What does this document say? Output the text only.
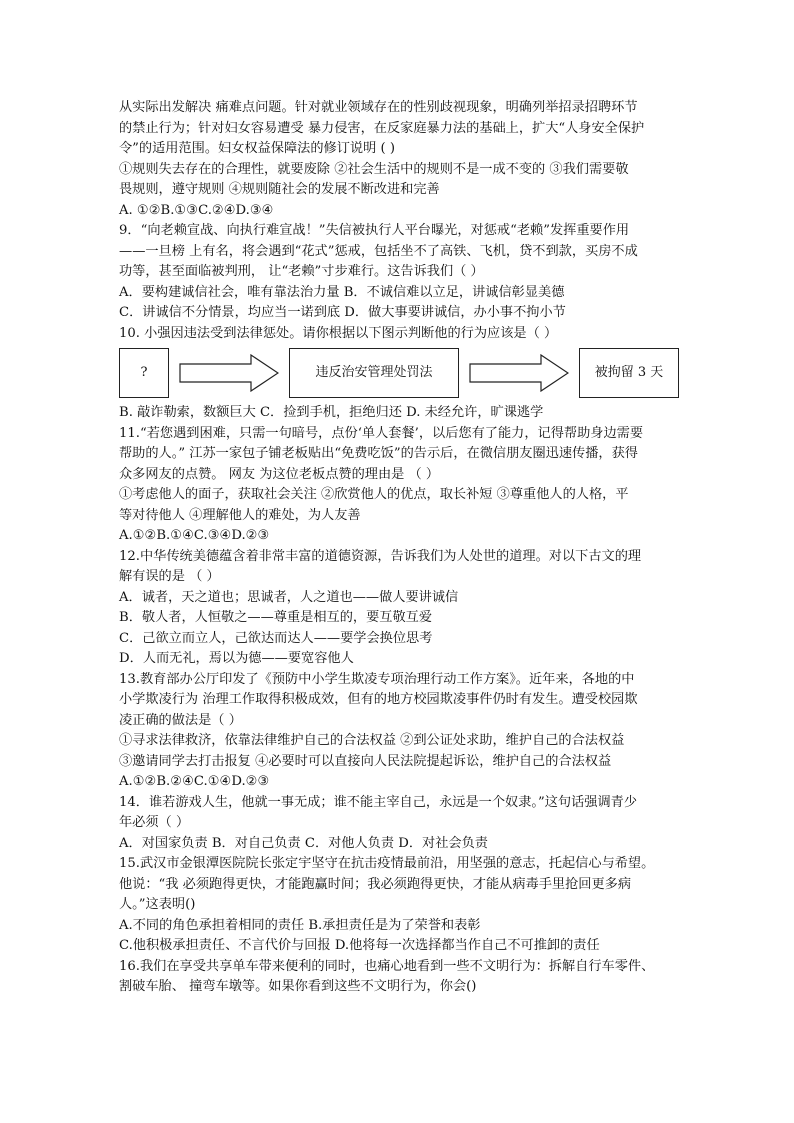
从实际出发解决 痛难点问题。针对就业领域存在的性别歧视现象，明确列举招录招聘环节

的禁止行为；针对妇女容易遭受 暴力侵害，在反家庭暴力法的基础上，扩大“人身安全保护

令”的适用范围。妇女权益保障法的修订说明 ( )

①规则失去存在的合理性，就要废除 ②社会生活中的规则不是一成不变的 ③我们需要敬

畏规则，遵守规则 ④规则随社会的发展不断改进和完善

A. ①②B.①③C.②④D.③④

9．“向老赖宣战、向执行难宣战！”失信被执行人平台曝光，对惩戒“老赖”发挥重要作用

——一旦榜 上有名，将会遇到“花式”惩戒，包括坐不了高铁、飞机，贷不到款，买房不成

功等，甚至面临被判刑， 让“老赖”寸步难行。这告诉我们（ ）

A．要构建诚信社会，唯有靠法治力量 B．不诚信难以立足，讲诚信彰显美德

C．讲诚信不分情景，均应当一诺到底 D．做大事要讲诚信，办小事不拘小节

10. 小强因违法受到法律惩处。请你根据以下图示判断他的行为应该是（ ）

?	违反治安管理处罚法	被拘留 3 天

B. 敲诈勒索，数额巨大 C．捡到手机，拒绝归还 D. 未经允许，旷课逃学

11.“若您遇到困难，只需一句暗号，点份‘单人套餐’，以后您有了能力，记得帮助身边需要

帮助的人。” 江苏一家包子铺老板贴出“免费吃饭”的告示后，在微信朋友圈迅速传播，获得

众多网友的点赞。 网友 为这位老板点赞的理由是 （ ）

①考虑他人的面子，获取社会关注 ②欣赏他人的优点，取长补短 ③尊重他人的人格，平

等对待他人 ④理解他人的难处，为人友善

A.①②B.①④C.③④D.②③

12.中华传统美德蕴含着非常丰富的道德资源，告诉我们为人处世的道理。对以下古文的理

解有误的是 （ ）

A．诚者，天之道也；思诚者，人之道也——做人要讲诚信

B．敬人者，人恒敬之——尊重是相互的，要互敬互爱

C．己欲立而立人，己欲达而达人——要学会换位思考

D．人而无礼，焉以为德——要宽容他人

13.教育部办公厅印发了《预防中小学生欺凌专项治理行动工作方案》。近年来，各地的中

小学欺凌行为 治理工作取得积极成效，但有的地方校园欺凌事件仍时有发生。遭受校园欺

凌正确的做法是（ ）

①寻求法律救济，依靠法律维护自己的合法权益 ②到公证处求助，维护自己的合法权益

③邀请同学去打击报复 ④必要时可以直接向人民法院提起诉讼，维护自己的合法权益

A.①②B.②④C.①④D.②③

14．谁若游戏人生，他就一事无成；谁不能主宰自己，永远是一个奴隶。”这句话强调青少

年必须（ ）

A．对国家负责 B．对自己负责 C．对他人负责 D．对社会负责

15.武汉市金银潭医院院长张定宇坚守在抗击疫情最前沿，用坚强的意志，托起信心与希望。

他说：“我 必须跑得更快，才能跑赢时间；我必须跑得更快，才能从病毒手里抢回更多病

人。”这表明()

A.不同的角色承担着相同的责任 B.承担责任是为了荣誉和表彰

C.他积极承担责任、不言代价与回报 D.他将每一次选择都当作自己不可推卸的责任

16.我们在享受共享单车带来便利的同时，也痛心地看到一些不文明行为：拆解自行车零件、

割破车胎、 撞弯车墩等。如果你看到这些不文明行为，你会()
